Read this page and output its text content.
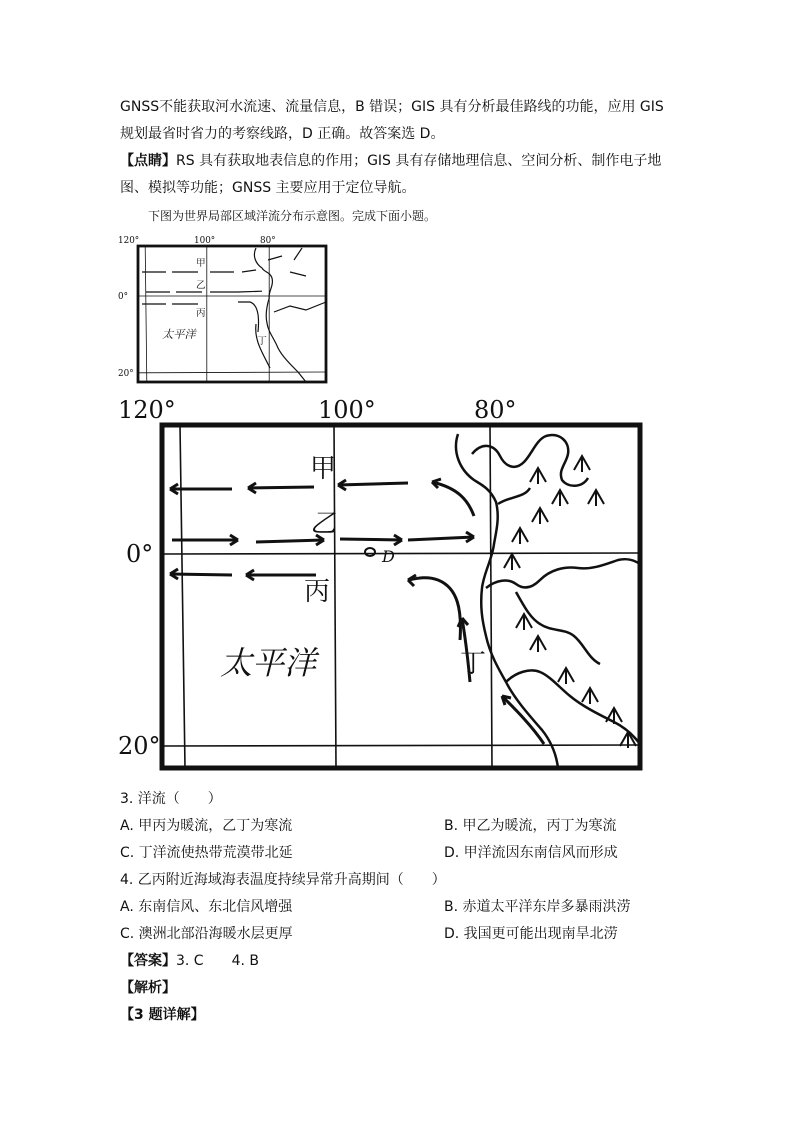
GNSS不能获取河水流速、流量信息，B 错误；GIS 具有分析最佳路线的功能，应用 GIS
规划最省时省力的考察线路，D 正确。故答案选 D。
【点睛】RS 具有获取地表信息的作用；GIS 具有存储地理信息、空间分析、制作电子地
图、模拟等功能；GNSS 主要应用于定位导航。
下图为世界局部区域洋流分布示意图。完成下面小题。
甲
乙
丙
丁
太平洋
120° 100° 80°
0°
20°
120°	100°	80°
0°
20°
甲
乙
丙
丁
太平洋
D
3. 洋流（　　）
A. 甲丙为暖流，乙丁为寒流	B. 甲乙为暖流，丙丁为寒流
C. 丁洋流使热带荒漠带北延	D. 甲洋流因东南信风而形成
4. 乙丙附近海域海表温度持续异常升高期间（　　）
A. 东南信风、东北信风增强	B. 赤道太平洋东岸多暴雨洪涝
C. 澳洲北部沿海暖水层更厚	D. 我国更可能出现南旱北涝
【答案】3. C　　4. B
【解析】
【3 题详解】
